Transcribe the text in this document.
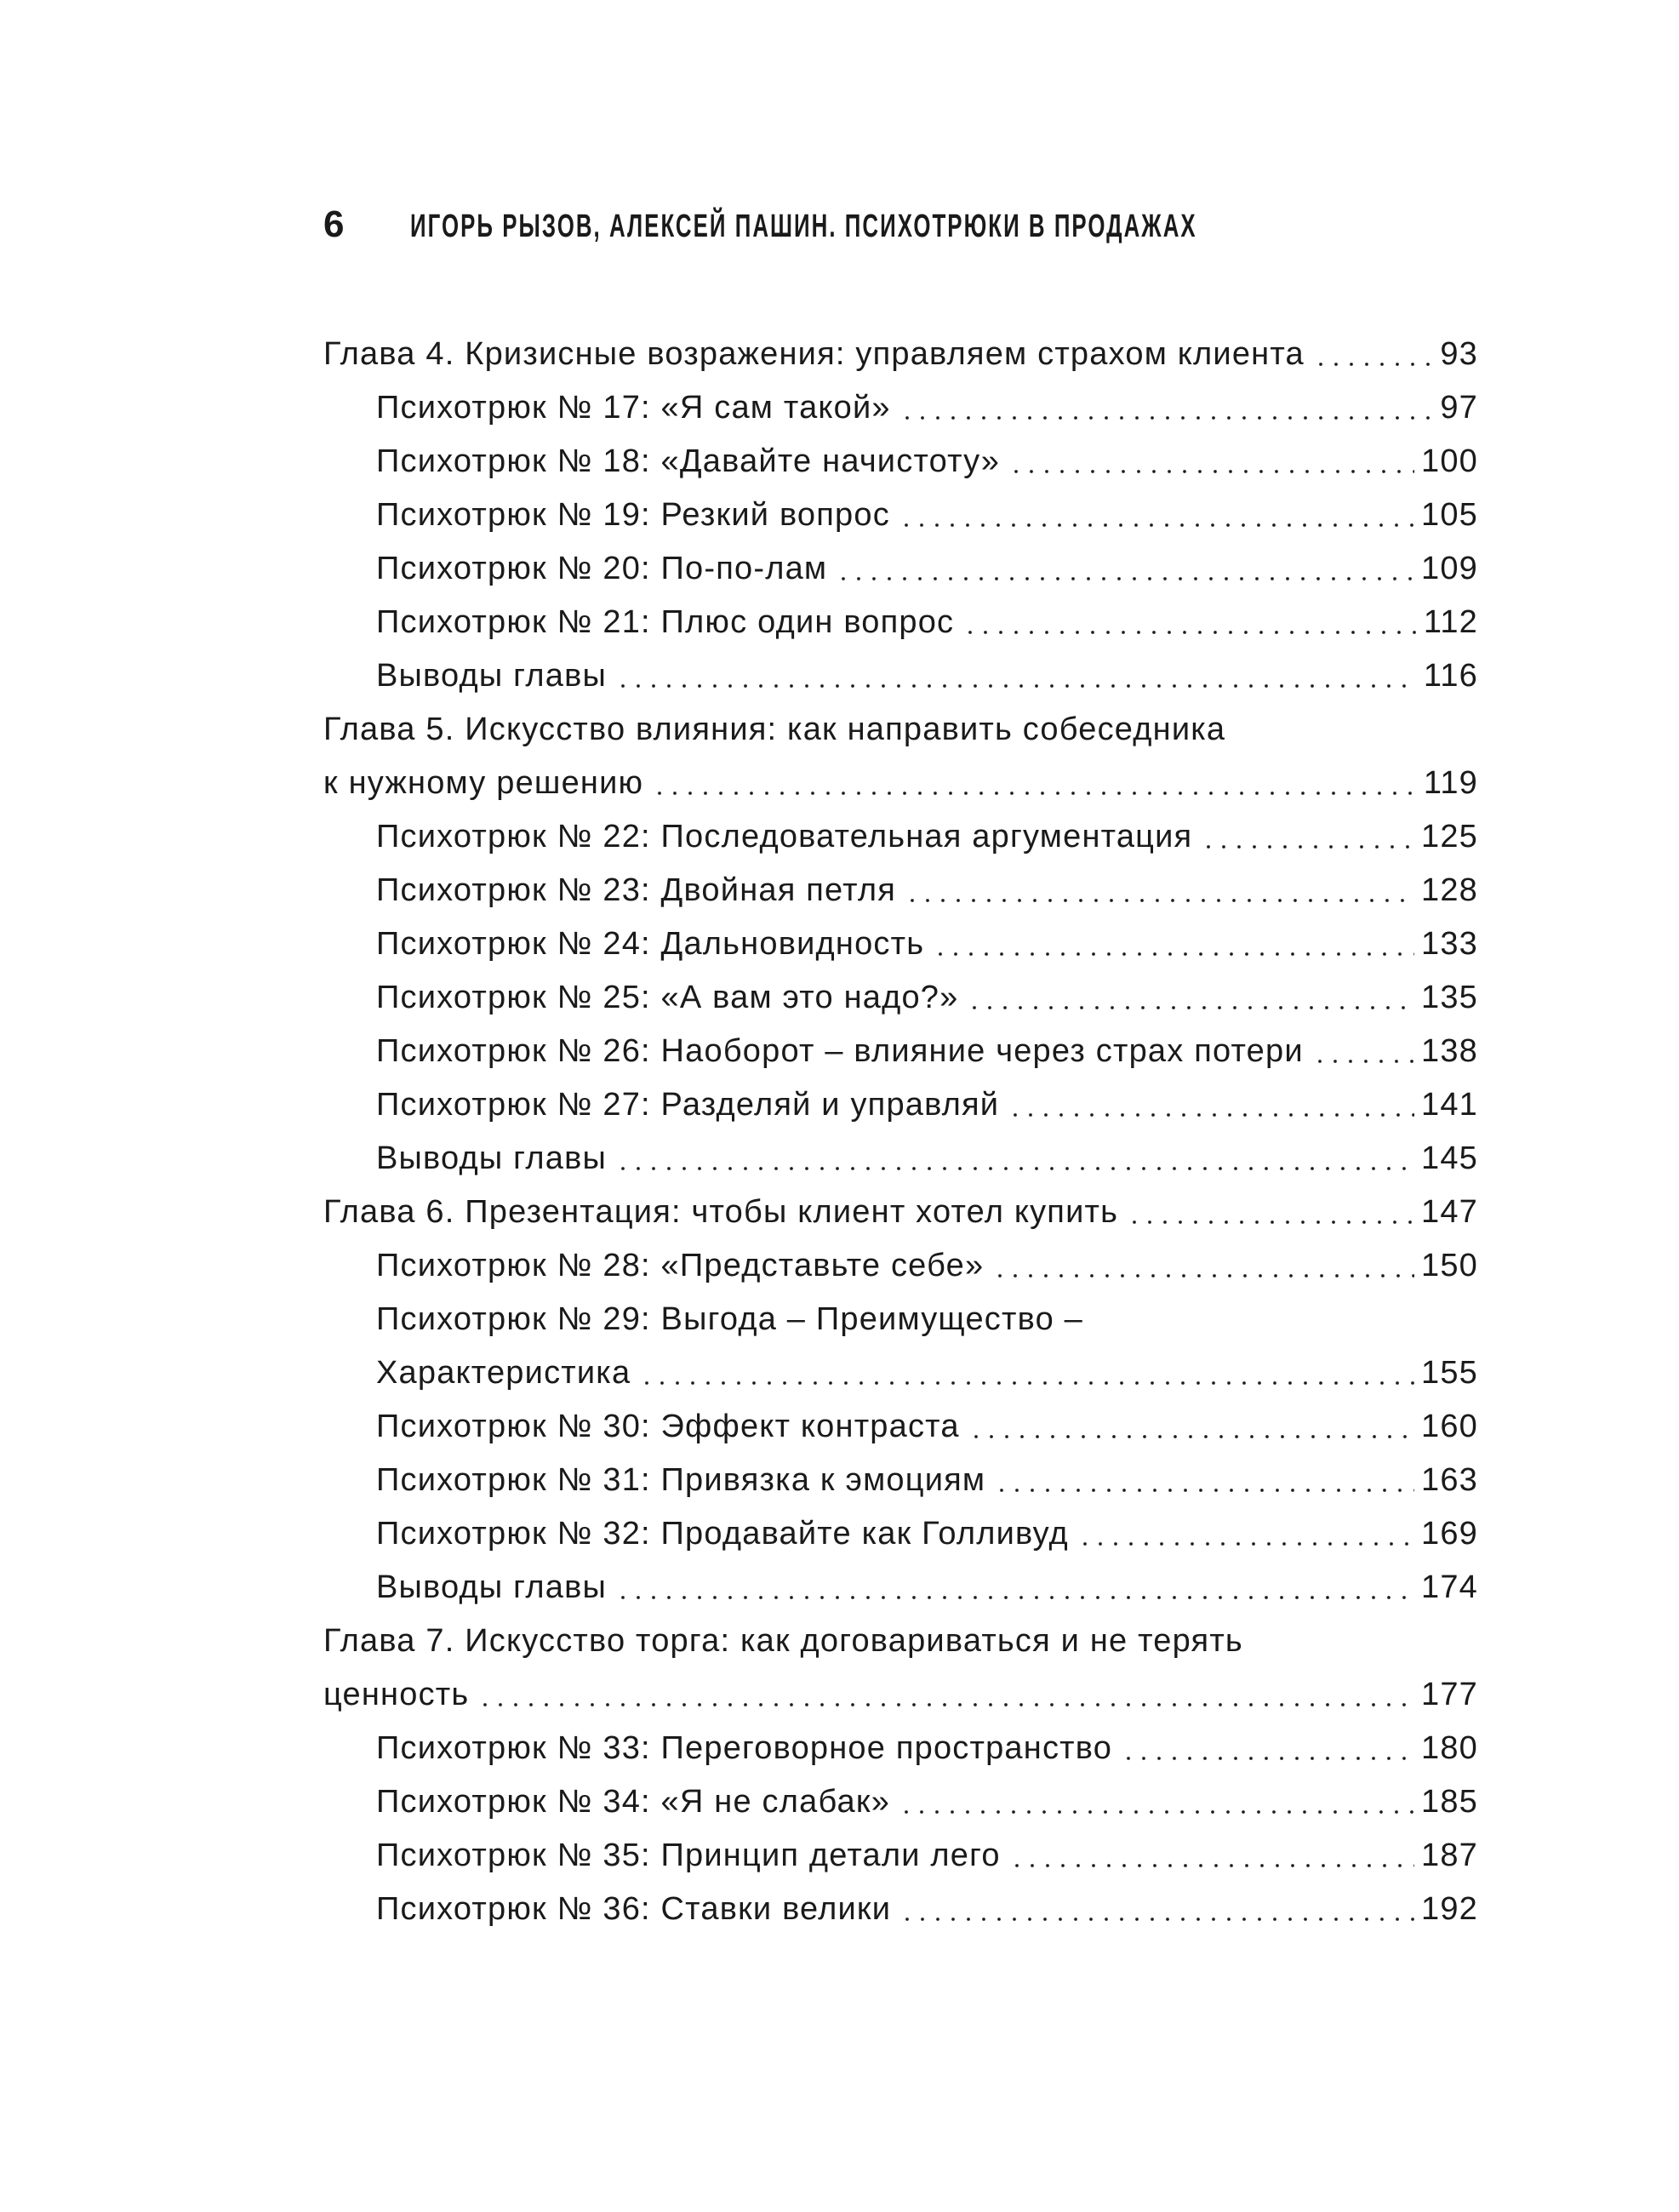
6 ИГОРЬ РЫЗОВ, АЛЕКСЕЙ ПАШИН. ПСИХОТРЮКИ В ПРОДАЖАХ
Глава 4. Кризисные возражения: управляем страхом клиента	93
Психотрюк № 17: «Я сам такой»	97
Психотрюк № 18: «Давайте начистоту»	100
Психотрюк № 19: Резкий вопрос	105
Психотрюк № 20: По-по-лам	109
Психотрюк № 21: Плюс один вопрос	112
Выводы главы	116
Глава 5. Искусство влияния: как направить собеседника
к нужному решению	119
Психотрюк № 22: Последовательная аргументация	125
Психотрюк № 23: Двойная петля	128
Психотрюк № 24: Дальновидность	133
Психотрюк № 25: «А вам это надо?»	135
Психотрюк № 26: Наоборот – влияние через страх потери	138
Психотрюк № 27: Разделяй и управляй	141
Выводы главы	145
Глава 6. Презентация: чтобы клиент хотел купить	147
Психотрюк № 28: «Представьте себе»	150
Психотрюк № 29: Выгода – Преимущество –
Характеристика	155
Психотрюк № 30: Эффект контраста	160
Психотрюк № 31: Привязка к эмоциям	163
Психотрюк № 32: Продавайте как Голливуд	169
Выводы главы	174
Глава 7. Искусство торга: как договариваться и не терять
ценность	177
Психотрюк № 33: Переговорное пространство	180
Психотрюк № 34: «Я не слабак»	185
Психотрюк № 35: Принцип детали лего	187
Психотрюк № 36: Ставки велики	192
